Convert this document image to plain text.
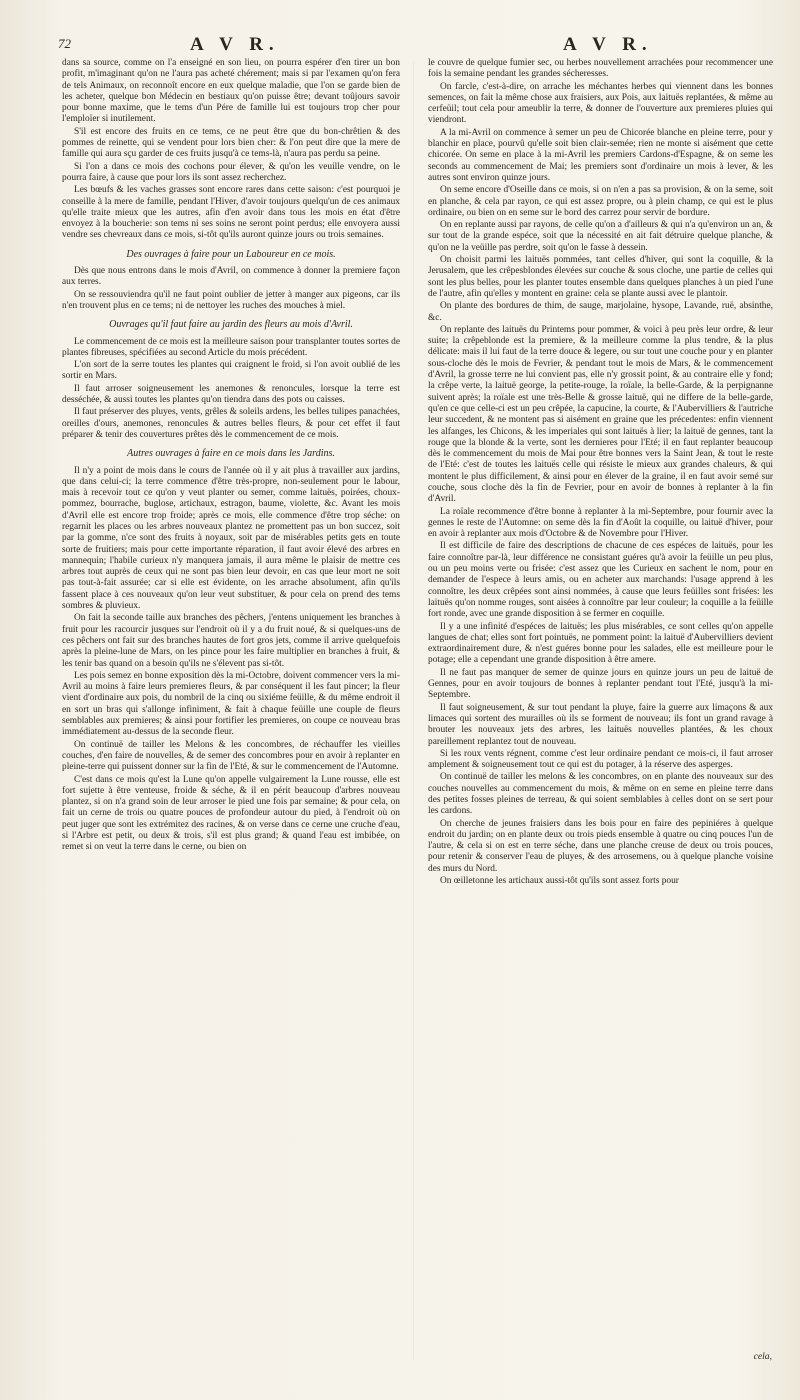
72	A V R.	A V R.

dans sa source, comme on l'a enseigné en son lieu, on pourra espérer d'en tirer un bon profit, m'imaginant qu'on ne l'aura pas acheté chérement; mais si par l'examen qu'on fera de tels Animaux, on reconnoît encore en eux quelque maladie, que l'on se garde bien de les acheter, quelque bon Médecin en bestiaux qu'on puisse être; devant toûjours savoir pour bonne maxime, que le tems d'un Pére de famille lui est toujours trop cher pour l'emploïer si inutilement.

S'il est encore des fruits en ce tems, ce ne peut être que du bon-chrêtien & des pommes de reinette, qui se vendent pour lors bien cher: & l'on peut dire que la mere de famille qui aura sçu garder de ces fruits jusqu'à ce tems-là, n'aura pas perdu sa peine.

Si l'on a dans ce mois des cochons pour élever, & qu'on les veuille vendre, on le pourra faire, à cause que pour lors ils sont assez recherchez.

Les bœufs & les vaches grasses sont encore rares dans cette saison: c'est pourquoi je conseille à la mere de famille, pendant l'Hiver, d'avoir toujours quelqu'un de ces animaux qu'elle traite mieux que les autres, afin d'en avoir dans tous les mois en état d'être envoyez à la boucherie: son tems ni ses soins ne seront point perdus; elle envoyera aussi vendre ses chevreaux dans ce mois, si-tôt qu'ils auront quinze jours ou trois semaines.

Des ouvrages à faire pour un Laboureur en ce mois.

Dès que nous entrons dans le mois d'Avril, on commence à donner la premiere façon aux terres.

On se ressouviendra qu'il ne faut point oublier de jetter à manger aux pigeons, car ils n'en trouvent plus en ce tems; ni de nettoyer les ruches des mouches à miel.

Ouvrages qu'il faut faire au jardin des fleurs au mois d'Avril.

Le commencement de ce mois est la meilleure saison pour transplanter toutes sortes de plantes fibreuses, spécifiées au second Article du mois précédent.

L'on sort de la serre toutes les plantes qui craignent le froid, si l'on avoit oublié de les sortir en Mars.

Il faut arroser soigneusement les anemones & renoncules, lorsque la terre est desséchée, & aussi toutes les plantes qu'on tiendra dans des pots ou caisses.

Il faut préserver des pluyes, vents, grêles & soleils ardens, les belles tulipes panachées, oreilles d'ours, anemones, renoncules & autres belles fleurs, & pour cet effet il faut préparer & tenir des couvertures prêtes dès le commencement de ce mois.

Autres ouvrages à faire en ce mois dans les Jardins.

Il n'y a point de mois dans le cours de l'année où il y ait plus à travailler aux jardins, que dans celui-ci; la terre commence d'être très-propre, non-seulement pour le labour, mais à recevoir tout ce qu'on y veut planter ou semer, comme laituës, poirées, choux-pommez, bourrache, buglose, artichaux, estragon, baume, violette, &c. Avant les mois d'Avril elle est encore trop froide; après ce mois, elle commence d'être trop séche: on regarnit les places ou les arbres nouveaux plantez ne promettent pas un bon succez, soit par la gomme, n'ce sont des fruits à noyaux, soit par de misérables petits gets en toute sorte de fruitiers; mais pour cette importante réparation, il faut avoir élevé des arbres en mannequin; l'habile curieux n'y manquera jamais, il aura même le plaisir de mettre ces arbres tout auprès de ceux qui ne sont pas bien leur devoir, en cas que leur mort ne soit pas tout-à-fait assurée; car si elle est évidente, on les arrache absolument, afin qu'ils fassent place à ces nouveaux qu'on leur veut substituer, & pour cela on prend des tems sombres & pluvieux.

On fait la seconde taille aux branches des pêchers, j'entens uniquement les branches à fruit pour les racourcir jusques sur l'endroit où il y a du fruit noué, & si quelques-uns de ces pêchers ont fait sur des branches hautes de fort gros jets, comme il arrive quelquefois après la pleine-lune de Mars, on les pince pour les faire multiplier en branches à fruit, & les tenir bas quand on a besoin qu'ils ne s'élevent pas si-tôt.

Les pois semez en bonne exposition dès la mi-Octobre, doivent commencer vers la mi-Avril au moins à faire leurs premieres fleurs, & par conséquent il les faut pincer; la fleur vient d'ordinaire aux pois, du nombril de la cinq ou sixiéme feüille, & du même endroit il en sort un bras qui s'allonge infiniment, & fait à chaque feüille une couple de fleurs semblables aux premieres; & ainsi pour fortifier les premieres, on coupe ce nouveau bras immédiatement au-dessus de la seconde fleur.

On continuë de tailler les Melons & les concombres, de réchauffer les vieilles couches, d'en faire de nouvelles, & de semer des concombres pour en avoir à replanter en pleine-terre qui puissent donner sur la fin de l'Eté, & sur le commencement de l'Automne.

C'est dans ce mois qu'est la Lune qu'on appelle vulgairement la Lune rousse, elle est fort sujette à être venteuse, froide & séche, & il en périt beaucoup d'arbres nouveau plantez, si on n'a grand soin de leur arroser le pied une fois par semaine; & pour cela, on fait un cerne de trois ou quatre pouces de profondeur autour du pied, à l'endroit où on peut juger que sont les extrémitez des racines, & on verse dans ce cerne une cruche d'eau, si l'Arbre est petit, ou deux & trois, s'il est plus grand; & quand l'eau est imbibée, on remet si on veut la terre dans le cerne, ou bien on

le couvre de quelque fumier sec, ou herbes nouvellement arrachées pour recommencer une fois la semaine pendant les grandes sécheresses.

On farcle, c'est-à-dire, on arrache les méchantes herbes qui viennent dans les bonnes semences, on fait la même chose aux fraisiers, aux Pois, aux laituës replantées, & même au cerfeüil; tout cela pour ameublir la terre, & donner de l'ouverture aux premieres pluies qui viendront.

A la mi-Avril on commence à semer un peu de Chicorée blanche en pleine terre, pour y blanchir en place, pourvû qu'elle soit bien clair-semée; rien ne monte si aisément que cette chicorée. On seme en place à la mi-Avril les premiers Cardons-d'Espagne, & on seme les seconds au commencement de Mai; les premiers sont d'ordinaire un mois à lever, & les autres sont environ quinze jours.

On seme encore d'Oseille dans ce mois, si on n'en a pas sa provision, & on la seme, soit en planche, & cela par rayon, ce qui est assez propre, ou à plein champ, ce qui est le plus ordinaire, ou bien on en seme sur le bord des carrez pour servir de bordure.

On en replante aussi par rayons, de celle qu'on a d'ailleurs & qui n'a qu'environ un an, & sur tout de la grande espéce, soit que la nécessité en ait fait détruire quelque planche, & qu'on ne la veüille pas perdre, soit qu'on le fasse à dessein.

On choisit parmi les laituës pommées, tant celles d'hiver, qui sont la coquille, & la Jerusalem, que les crêpesblondes élevées sur couche & sous cloche, une partie de celles qui sont les plus belles, pour les planter toutes ensemble dans quelques planches à un pied l'une de l'autre, afin qu'elles y montent en graine: cela se plante aussi avec le plantoir.

On plante des bordures de thim, de sauge, marjolaine, hysope, Lavande, ruë, absinthe, &c.

On replante des laituës du Printems pour pommer, & voici à peu près leur ordre, & leur suite; la crêpeblonde est la premiere, & la meilleure comme la plus tendre, & la plus délicate: mais il lui faut de la terre douce & legere, ou sur tout une couche pour y en planter sous-cloche dès le mois de Fevrier, & pendant tout le mois de Mars, & le commencement d'Avril, la grosse terre ne lui convient pas, elle n'y grossit point, & au contraire elle y fond; la crêpe verte, la laituë george, la petite-rouge, la roïale, la belle-Garde, & la perpignanne suivent après; la roïale est une très-Belle & grosse laituë, qui ne differe de la belle-garde, qu'en ce que celle-ci est un peu crêpée, la capucine, la courte, & l'Aubervilliers & l'autriche leur succedent, & ne montent pas si aisément en graine que les précedentes: enfin viennent les alfanges, les Chicons, & les imperiales qui sont laituës à lier; la laituë de gennes, tant la rouge que la blonde & la verte, sont les dernieres pour l'Eté; il en faut replanter beaucoup dès le commencement du mois de Mai pour être bonnes vers la Saint Jean, & tout le reste de l'Eté: c'est de toutes les laituës celle qui résiste le mieux aux grandes chaleurs, & qui montent le plus difficilement, & ainsi pour en élever de la graine, il en faut avoir semé sur couche, sous cloche dès la fin de Fevrier, pour en avoir de bonnes à replanter à la fin d'Avril.

La roïale recommence d'être bonne à replanter à la mi-Septembre, pour fournir avec la gennes le reste de l'Automne: on seme dès la fin d'Août la coquille, ou laituë d'hiver, pour en avoir à replanter aux mois d'Octobre & de Novembre pour l'Hiver.

Il est difficile de faire des descriptions de chacune de ces espéces de laituës, pour les faire connoître par-là, leur différence ne consistant guéres qu'à avoir la feüille un peu plus, ou un peu moins verte ou frisée: c'est assez que les Curieux en sachent le nom, pour en demander de l'espece à leurs amis, ou en acheter aux marchands: l'usage apprend à les connoître, les deux crêpées sont ainsi nommées, à cause que leurs feüilles sont frisées: les laituës qu'on nomme rouges, sont aisées à connoître par leur couleur; la coquille a la feüille fort ronde, avec une grande disposition à se fermer en coquille.

Il y a une infinité d'espéces de laituës; les plus misérables, ce sont celles qu'on appelle langues de chat; elles sont fort pointuës, ne pomment point: la laituë d'Aubervilliers devient extraordinairement dure, & n'est guéres bonne pour les salades, elle est meilleure pour le potage; elle a cependant une grande disposition à être amere.

Il ne faut pas manquer de semer de quinze jours en quinze jours un peu de laituë de Gennes, pour en avoir toujours de bonnes à replanter pendant tout l'Eté, jusqu'à la mi-Septembre.

Il faut soigneusement, & sur tout pendant la pluye, faire la guerre aux limaçons & aux limaces qui sortent des murailles où ils se forment de nouveau; ils font un grand ravage à brouter les nouveaux jets des arbres, les laituës nouvelles plantées, & les choux pareillement replantez tout de nouveau.

Si les roux vents régnent, comme c'est leur ordinaire pendant ce mois-ci, il faut arroser amplement & soigneusement tout ce qui est du potager, à la réserve des asperges.

On continuë de tailler les melons & les concombres, on en plante des nouveaux sur des couches nouvelles au commencement du mois, & même on en seme en pleine terre dans des petites fosses pleines de terreau, & qui soient semblables à celles dont on se sert pour les cardons.

On cherche de jeunes fraisiers dans les bois pour en faire des pepiniéres à quelque endroit du jardin; on en plante deux ou trois pieds ensemble à quatre ou cinq pouces l'un de l'autre, & cela si on est en terre séche, dans une planche creuse de deux ou trois pouces, pour retenir & conserver l'eau de pluyes, & des arrosemens, ou à quelque planche voisine des murs du Nord.

On œilletonne les artichaux aussi-tôt qu'ils sont assez forts pour

cela,
